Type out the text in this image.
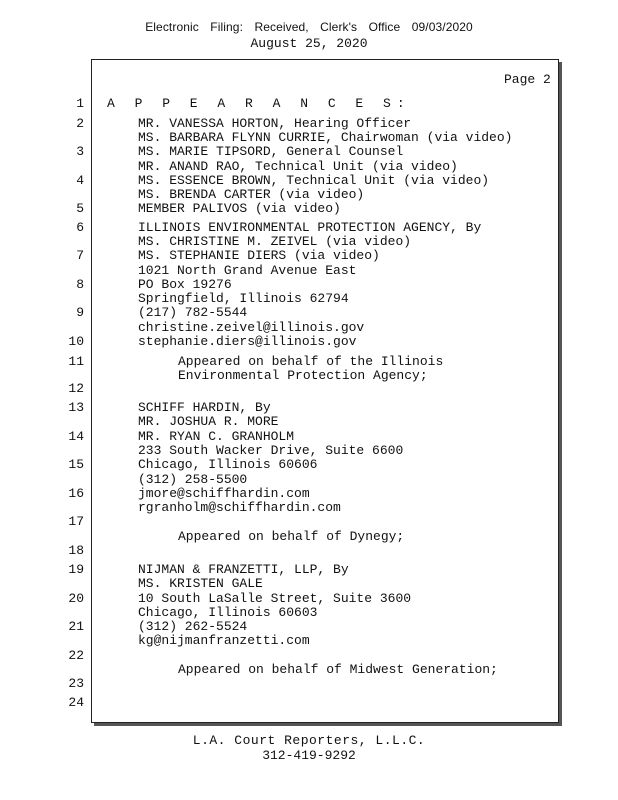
Electronic Filing: Received, Clerk's Office 09/03/2020
August 25, 2020
Page 2
1
2
3
4
5
6
7
8
9
10
11
12
13
14
15
16
17
18
19
20
21
22
23
24
A P P E A R A N C E S:
MR. VANESSA HORTON, Hearing Officer
MS. BARBARA FLYNN CURRIE, Chairwoman (via video)
MS. MARIE TIPSORD, General Counsel
MR. ANAND RAO, Technical Unit (via video)
MS. ESSENCE BROWN, Technical Unit (via video)
MS. BRENDA CARTER (via video)
MEMBER PALIVOS (via video)
ILLINOIS ENVIRONMENTAL PROTECTION AGENCY, By
MS. CHRISTINE M. ZEIVEL (via video)
MS. STEPHANIE DIERS (via video)
1021 North Grand Avenue East
PO Box 19276
Springfield, Illinois 62794
(217) 782-5544
christine.zeivel@illinois.gov
stephanie.diers@illinois.gov
Appeared on behalf of the Illinois
Environmental Protection Agency;
SCHIFF HARDIN, By
MR. JOSHUA R. MORE
MR. RYAN C. GRANHOLM
233 South Wacker Drive, Suite 6600
Chicago, Illinois 60606
(312) 258-5500
jmore@schiffhardin.com
rgranholm@schiffhardin.com
Appeared on behalf of Dynegy;
NIJMAN & FRANZETTI, LLP, By
MS. KRISTEN GALE
10 South LaSalle Street, Suite 3600
Chicago, Illinois 60603
(312) 262-5524
kg@nijmanfranzetti.com
Appeared on behalf of Midwest Generation;
L.A. Court Reporters, L.L.C.
312-419-9292
